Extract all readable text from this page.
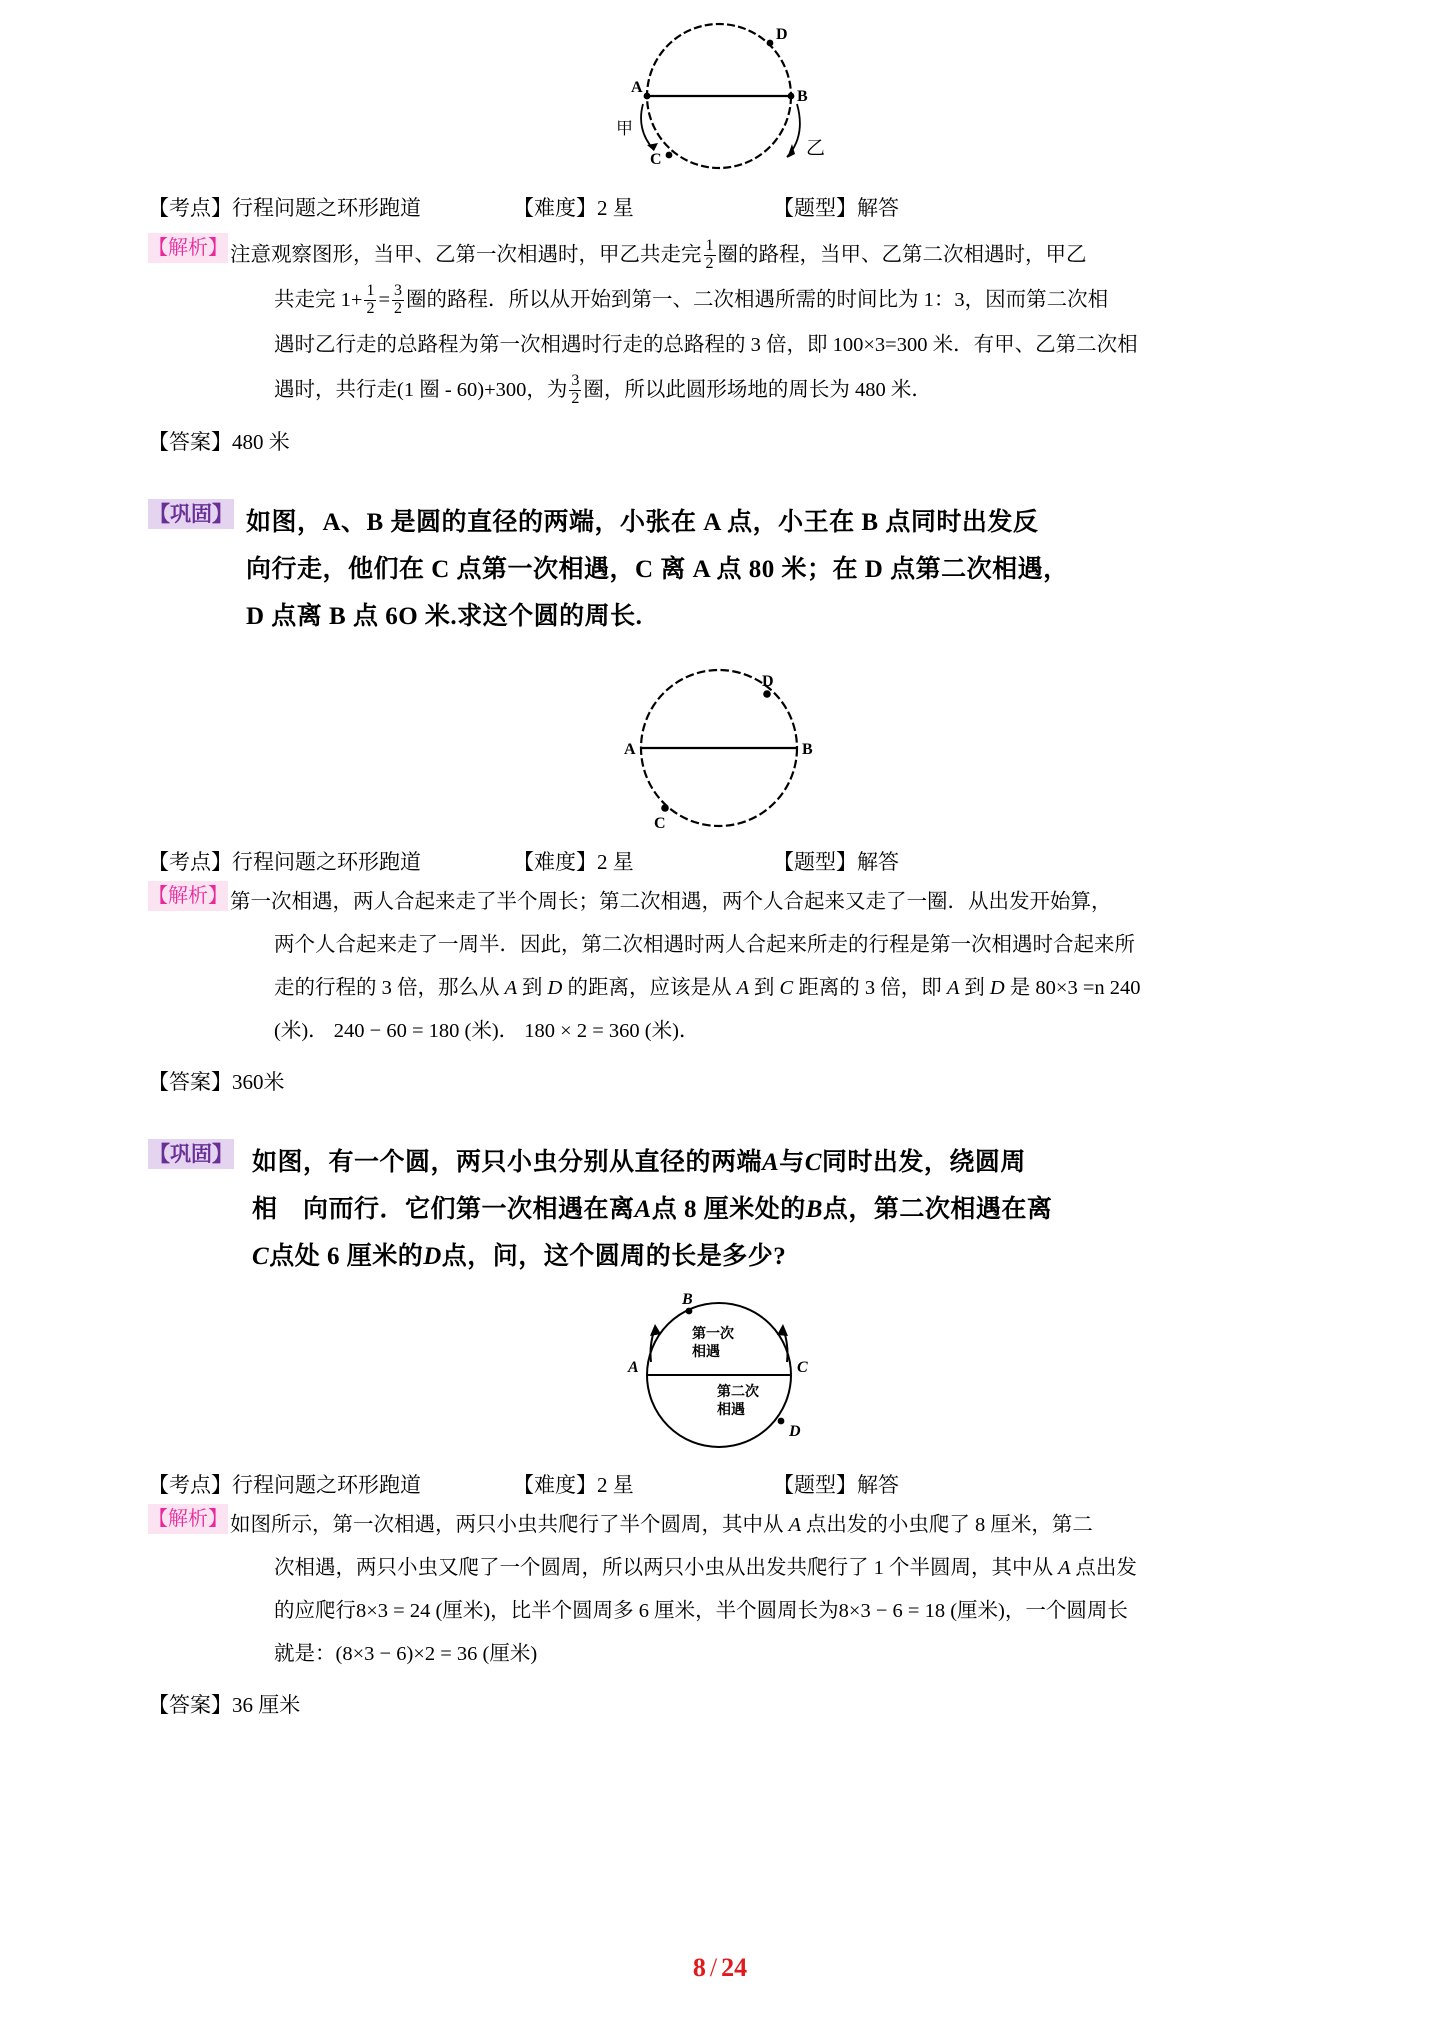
D
A
B
C
甲
乙
【考点】行程问题之环形跑道	【难度】2 星	【题型】解答
【解析】 注意观察图形，当甲、乙第一次相遇时，甲乙共走完 $\frac{1}{2}$ 圈的路程，当甲、乙第二次相遇时，甲乙

共走完 $1+ \frac{1}{2} = \frac{3}{2}$ 圈的路程．所以从开始到第一、二次相遇所需的时间比为 1：3，因而第二次相

遇时乙行走的总路程为第一次相遇时行走的总路程的 3 倍，即 100×3=300 米．有甲、乙第二次相

遇时，共行走(1 圈 - 60)+300，为 $\frac{3}{2}$ 圈，所以此圆形场地的周长为 480 米．

【答案】480 米
【巩固】 如图，A、B 是圆的直径的两端，小张在 A 点，小王在 B 点同时出发反

向行走，他们在 C 点第一次相遇，C 离 A 点 80 米；在 D 点第二次相遇，

D 点离 B 点 6O 米.求这个圆的周长.

D
A	B
C
【考点】行程问题之环形跑道	【难度】2 星	【题型】解答
【解析】 第一次相遇，两人合起来走了半个周长；第二次相遇，两个人合起来又走了一圈．从出发开始算，

两个人合起来走了一周半．因此，第二次相遇时两人合起来所走的行程是第一次相遇时合起来所

走的行程的 3 倍，那么从 A 到 D 的距离，应该是从 A 到 C 距离的 3 倍，即 A 到 D 是 80×3 =n 240

(米)． 240 − 60 = 180 (米)． 180 × 2 = 360 (米)．

【答案】360米
【巩固】 如图，有一个圆，两只小虫分别从直径的两端A与C同时出发，绕圆周

相　向而行．它们第一次相遇在离A点 8 厘米处的B点，第二次相遇在离

C点处 6 厘米的D点，问，这个圆周的长是多少?

B
A	C
D
第一次
相遇
第二次
相遇
【考点】行程问题之环形跑道	【难度】2 星	【题型】解答
【解析】 如图所示，第一次相遇，两只小虫共爬行了半个圆周，其中从 A 点出发的小虫爬了 8 厘米，第二

次相遇，两只小虫又爬了一个圆周，所以两只小虫从出发共爬行了 1 个半圆周，其中从 A 点出发

的应爬行8×3 = 24 (厘米)，比半个圆周多 6 厘米，半个圆周长为8×3 − 6 = 18 (厘米)，一个圆周长

就是：(8×3 − 6)×2 = 36 (厘米)

【答案】36 厘米
8 / 24
